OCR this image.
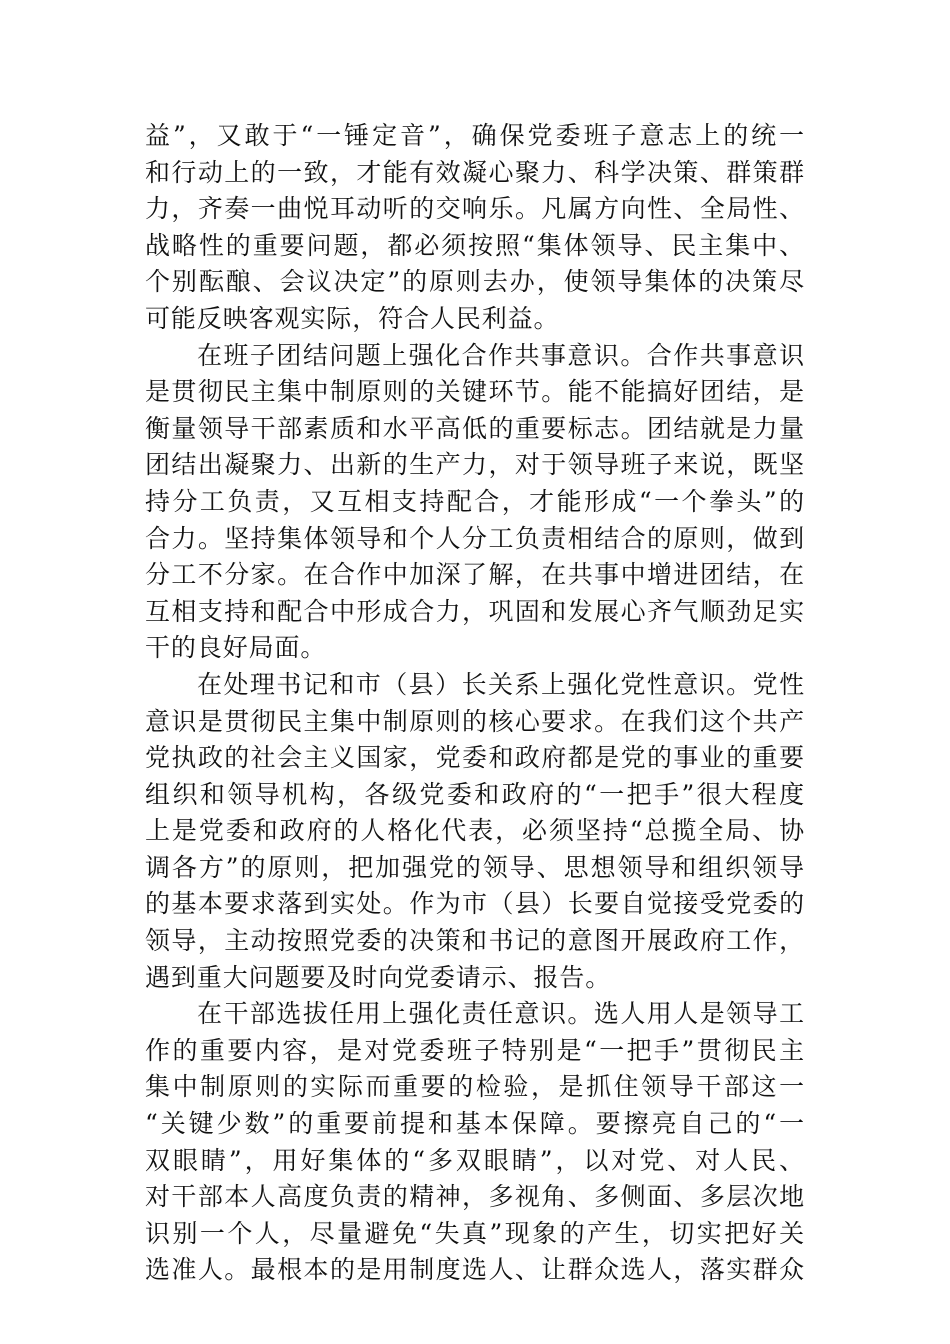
益”，又敢于“一锤定音”，确保党委班子意志上的统一
和行动上的一致，才能有效凝心聚力、科学决策、群策群
力，齐奏一曲悦耳动听的交响乐。凡属方向性、全局性、
战略性的重要问题，都必须按照“集体领导、民主集中、
个别酝酿、会议决定”的原则去办，使领导集体的决策尽
可能反映客观实际，符合人民利益。
在班子团结问题上强化合作共事意识。合作共事意识
是贯彻民主集中制原则的关键环节。能不能搞好团结，是
衡量领导干部素质和水平高低的重要标志。团结就是力量
团结出凝聚力、出新的生产力，对于领导班子来说，既坚
持分工负责，又互相支持配合，才能形成“一个拳头”的
合力。坚持集体领导和个人分工负责相结合的原则，做到
分工不分家。在合作中加深了解，在共事中增进团结，在
互相支持和配合中形成合力，巩固和发展心齐气顺劲足实
干的良好局面。
在处理书记和市（县）长关系上强化党性意识。党性
意识是贯彻民主集中制原则的核心要求。在我们这个共产
党执政的社会主义国家，党委和政府都是党的事业的重要
组织和领导机构，各级党委和政府的“一把手”很大程度
上是党委和政府的人格化代表，必须坚持“总揽全局、协
调各方”的原则，把加强党的领导、思想领导和组织领导
的基本要求落到实处。作为市（县）长要自觉接受党委的
领导，主动按照党委的决策和书记的意图开展政府工作，
遇到重大问题要及时向党委请示、报告。
在干部选拔任用上强化责任意识。选人用人是领导工
作的重要内容，是对党委班子特别是“一把手”贯彻民主
集中制原则的实际而重要的检验，是抓住领导干部这一
“关键少数”的重要前提和基本保障。要擦亮自己的“一
双眼睛”，用好集体的“多双眼睛”，以对党、对人民、
对干部本人高度负责的精神，多视角、多侧面、多层次地
识别一个人，尽量避免“失真”现象的产生，切实把好关
选准人。最根本的是用制度选人、让群众选人，落实群众
